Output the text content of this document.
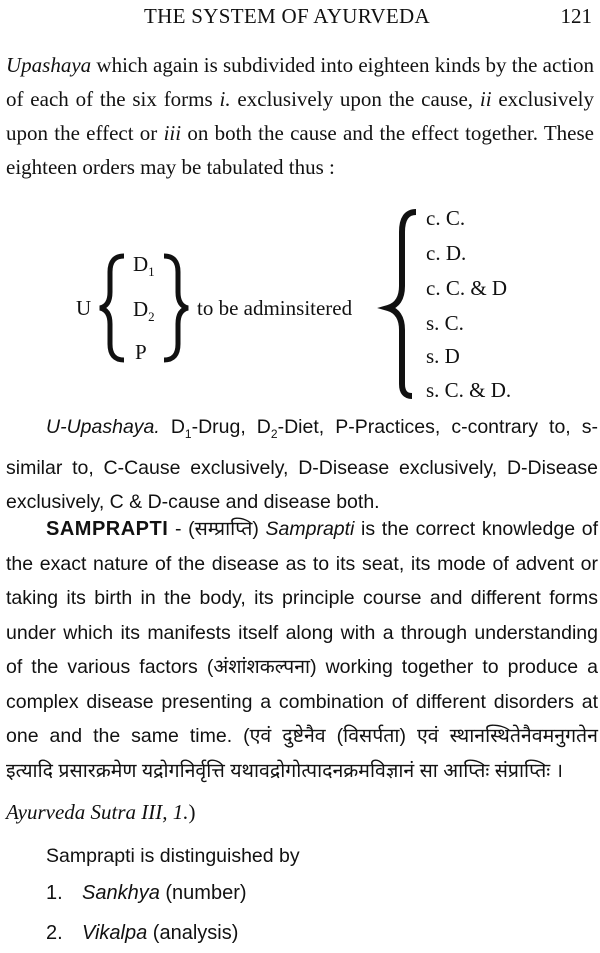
THE SYSTEM OF AYURVEDA	121

Upashaya which again is subdivided into eighteen kinds by the action of each of the six forms i. exclusively upon the cause, ii exclusively upon the effect or iii on both the cause and the effect together. These eighteen orders may be tabulated thus :

U
$D_1$
$D_2$
P
to be adminsitered
c. C.
c. D.
c. C. & D
s. C.
s. D
s. C. & D.

U-Upashaya. $D_1$-Drug, $D_2$-Diet, P-Practices, c-contrary to, s- similar to, C-Cause exclusively, D-Disease exclusively, D-Disease exclusively, C & D-cause and disease both.

SAMPRAPTI - (सम्प्राप्ति) Samprapti is the correct knowledge of the exact nature of the disease as to its seat, its mode of advent or taking its birth in the body, its principle course and different forms under which its manifests itself along with a through understanding of the various factors (अंशांशकल्पना) working together to produce a complex disease presenting a combination of different disorders at one and the same time. (एवं दुष्टेनैव (विसर्पता) एवं स्थानस्थितेनैवमनुगतेन इत्यादि प्रसारक्रमेण यद्रोगनिर्वृत्ति यथावद्रोगोत्पादनक्रमविज्ञानं सा आप्तिः संप्राप्तिः ।

Ayurveda Sutra III, 1.)
Samprapti is distinguished by
1. Sankhya (number)
2. Vikalpa (analysis)
